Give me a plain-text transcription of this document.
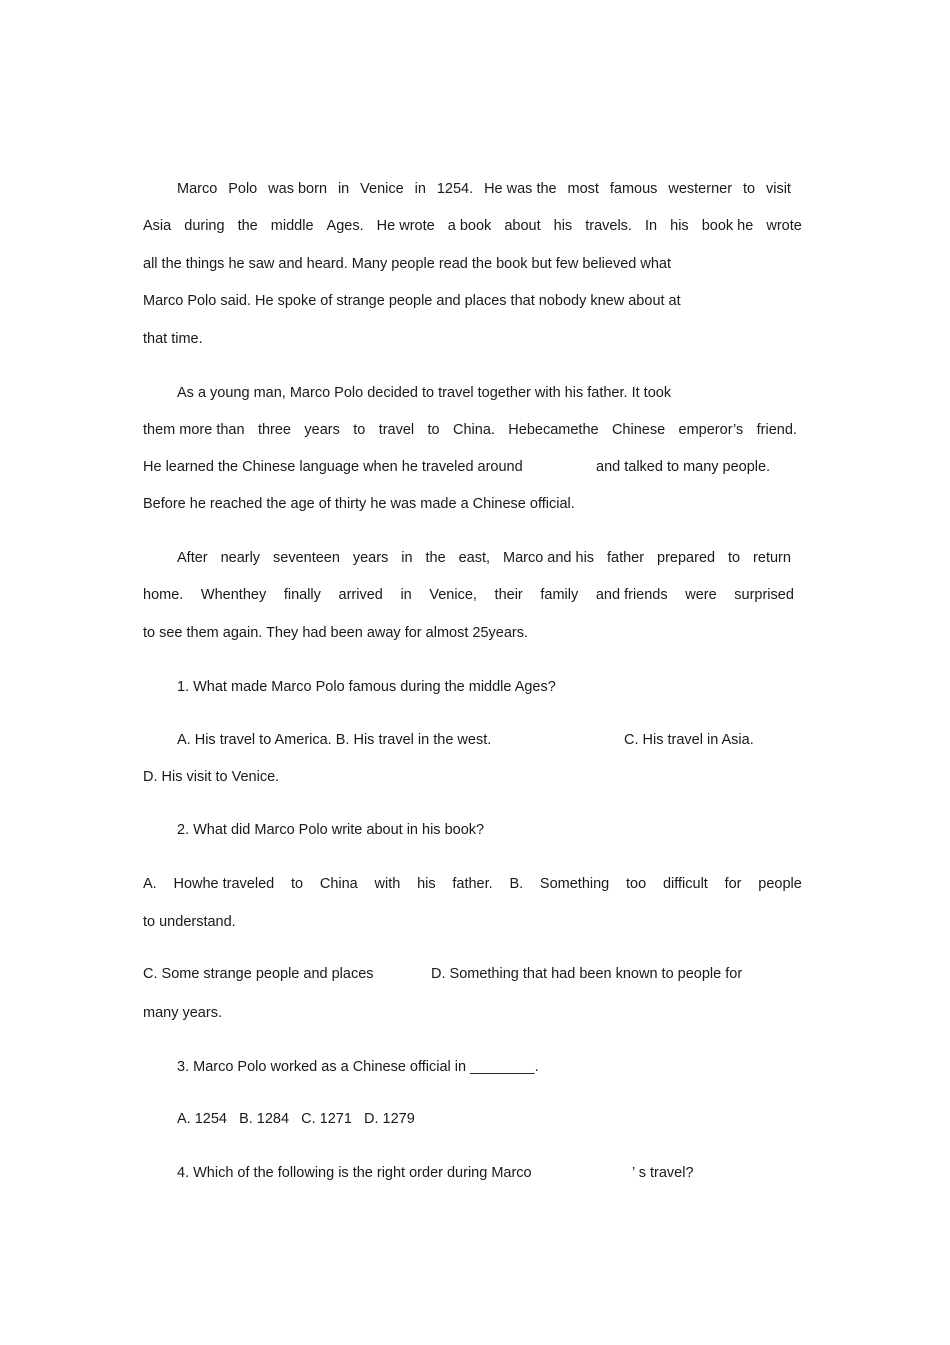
Marco Polo was born in Venice in 1254. He was the most famous westerner to visit
Asia during the middle Ages. He wrote a book about his travels. In his book he wrote
all the things he saw and heard. Many people read the book but few believed what
Marco Polo said. He spoke of strange people and places that nobody knew about at
that time.
As a young man, Marco Polo decided to travel together with his father. It took
them more than three years to travel to China. Hebecamethe Chinese emperor’s friend.
He learned the Chinese language when he traveled around	and talked to many people.
Before he reached the age of thirty he was made a Chinese official.
After nearly seventeen years in the east, Marco and his father prepared to return
home. Whenthey finally arrived in Venice, their family and friends were surprised
to see them again. They had been away for almost 25years.
1. What made Marco Polo famous during the middle Ages?
A. His travel to America. B. His travel in the west.	C. His travel in Asia.
D. His visit to Venice.
2. What did Marco Polo write about in his book?
A. Howhe traveled to China with his father. B. Something too difficult for people
to understand.
C. Some strange people and places	D. Something that had been known to people for
many years.
3. Marco Polo worked as a Chinese official in ________.
A. 1254   B. 1284   C. 1271   D. 1279
4. Which of the following is the right order during Marco	’ s travel?
